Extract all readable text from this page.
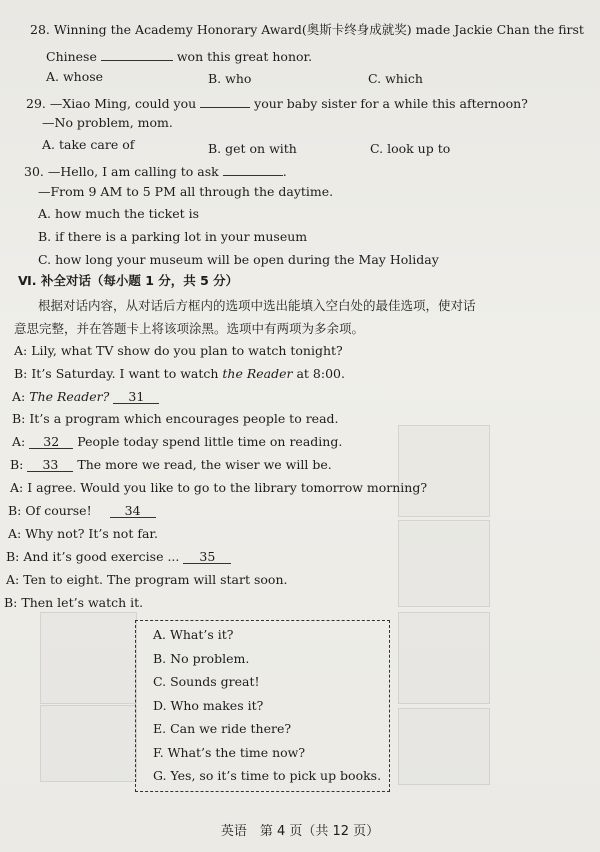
28. Winning the Academy Honorary Award(奥斯卡终身成就奖) made Jackie Chan the first
Chinese	won this great honor.
A. whose	B. who	C. which
29. —Xiao Ming, could you	your baby sister for a while this afternoon?
—No problem, mom.
A. take care of	B. get on with	C. look up to
30. —Hello, I am calling to ask	.
—From 9 AM to 5 PM all through the daytime.
A. how much the ticket is
B. if there is a parking lot in your museum
C. how long your museum will be open during the May Holiday
Ⅵ. 补全对话（每小题 1 分，共 5 分）
根据对话内容，从对话后方框内的选项中选出能填入空白处的最佳选项，使对话
意思完整，并在答题卡上将该项涂黑。选项中有两项为多余项。
A: Lily, what TV show do you plan to watch tonight?
B: It’s Saturday. I want to watch the Reader at 8:00.
A: The Reader? 31
B: It’s a program which encourages people to read.
A: 32 People today spend little time on reading.
B: 33 The more we read, the wiser we will be.
A: I agree. Would you like to go to the library tomorrow morning?
B: Of course!	34
A: Why not? It’s not far.
B: And it’s good exercise ... 35
A: Ten to eight. The program will start soon.
B: Then let’s watch it.
A. What’s it?
B. No problem.
C. Sounds great!
D. Who makes it?
E. Can we ride there?
F. What’s the time now?
G. Yes, so it’s time to pick up books.
英语　第 4 页（共 12 页）
